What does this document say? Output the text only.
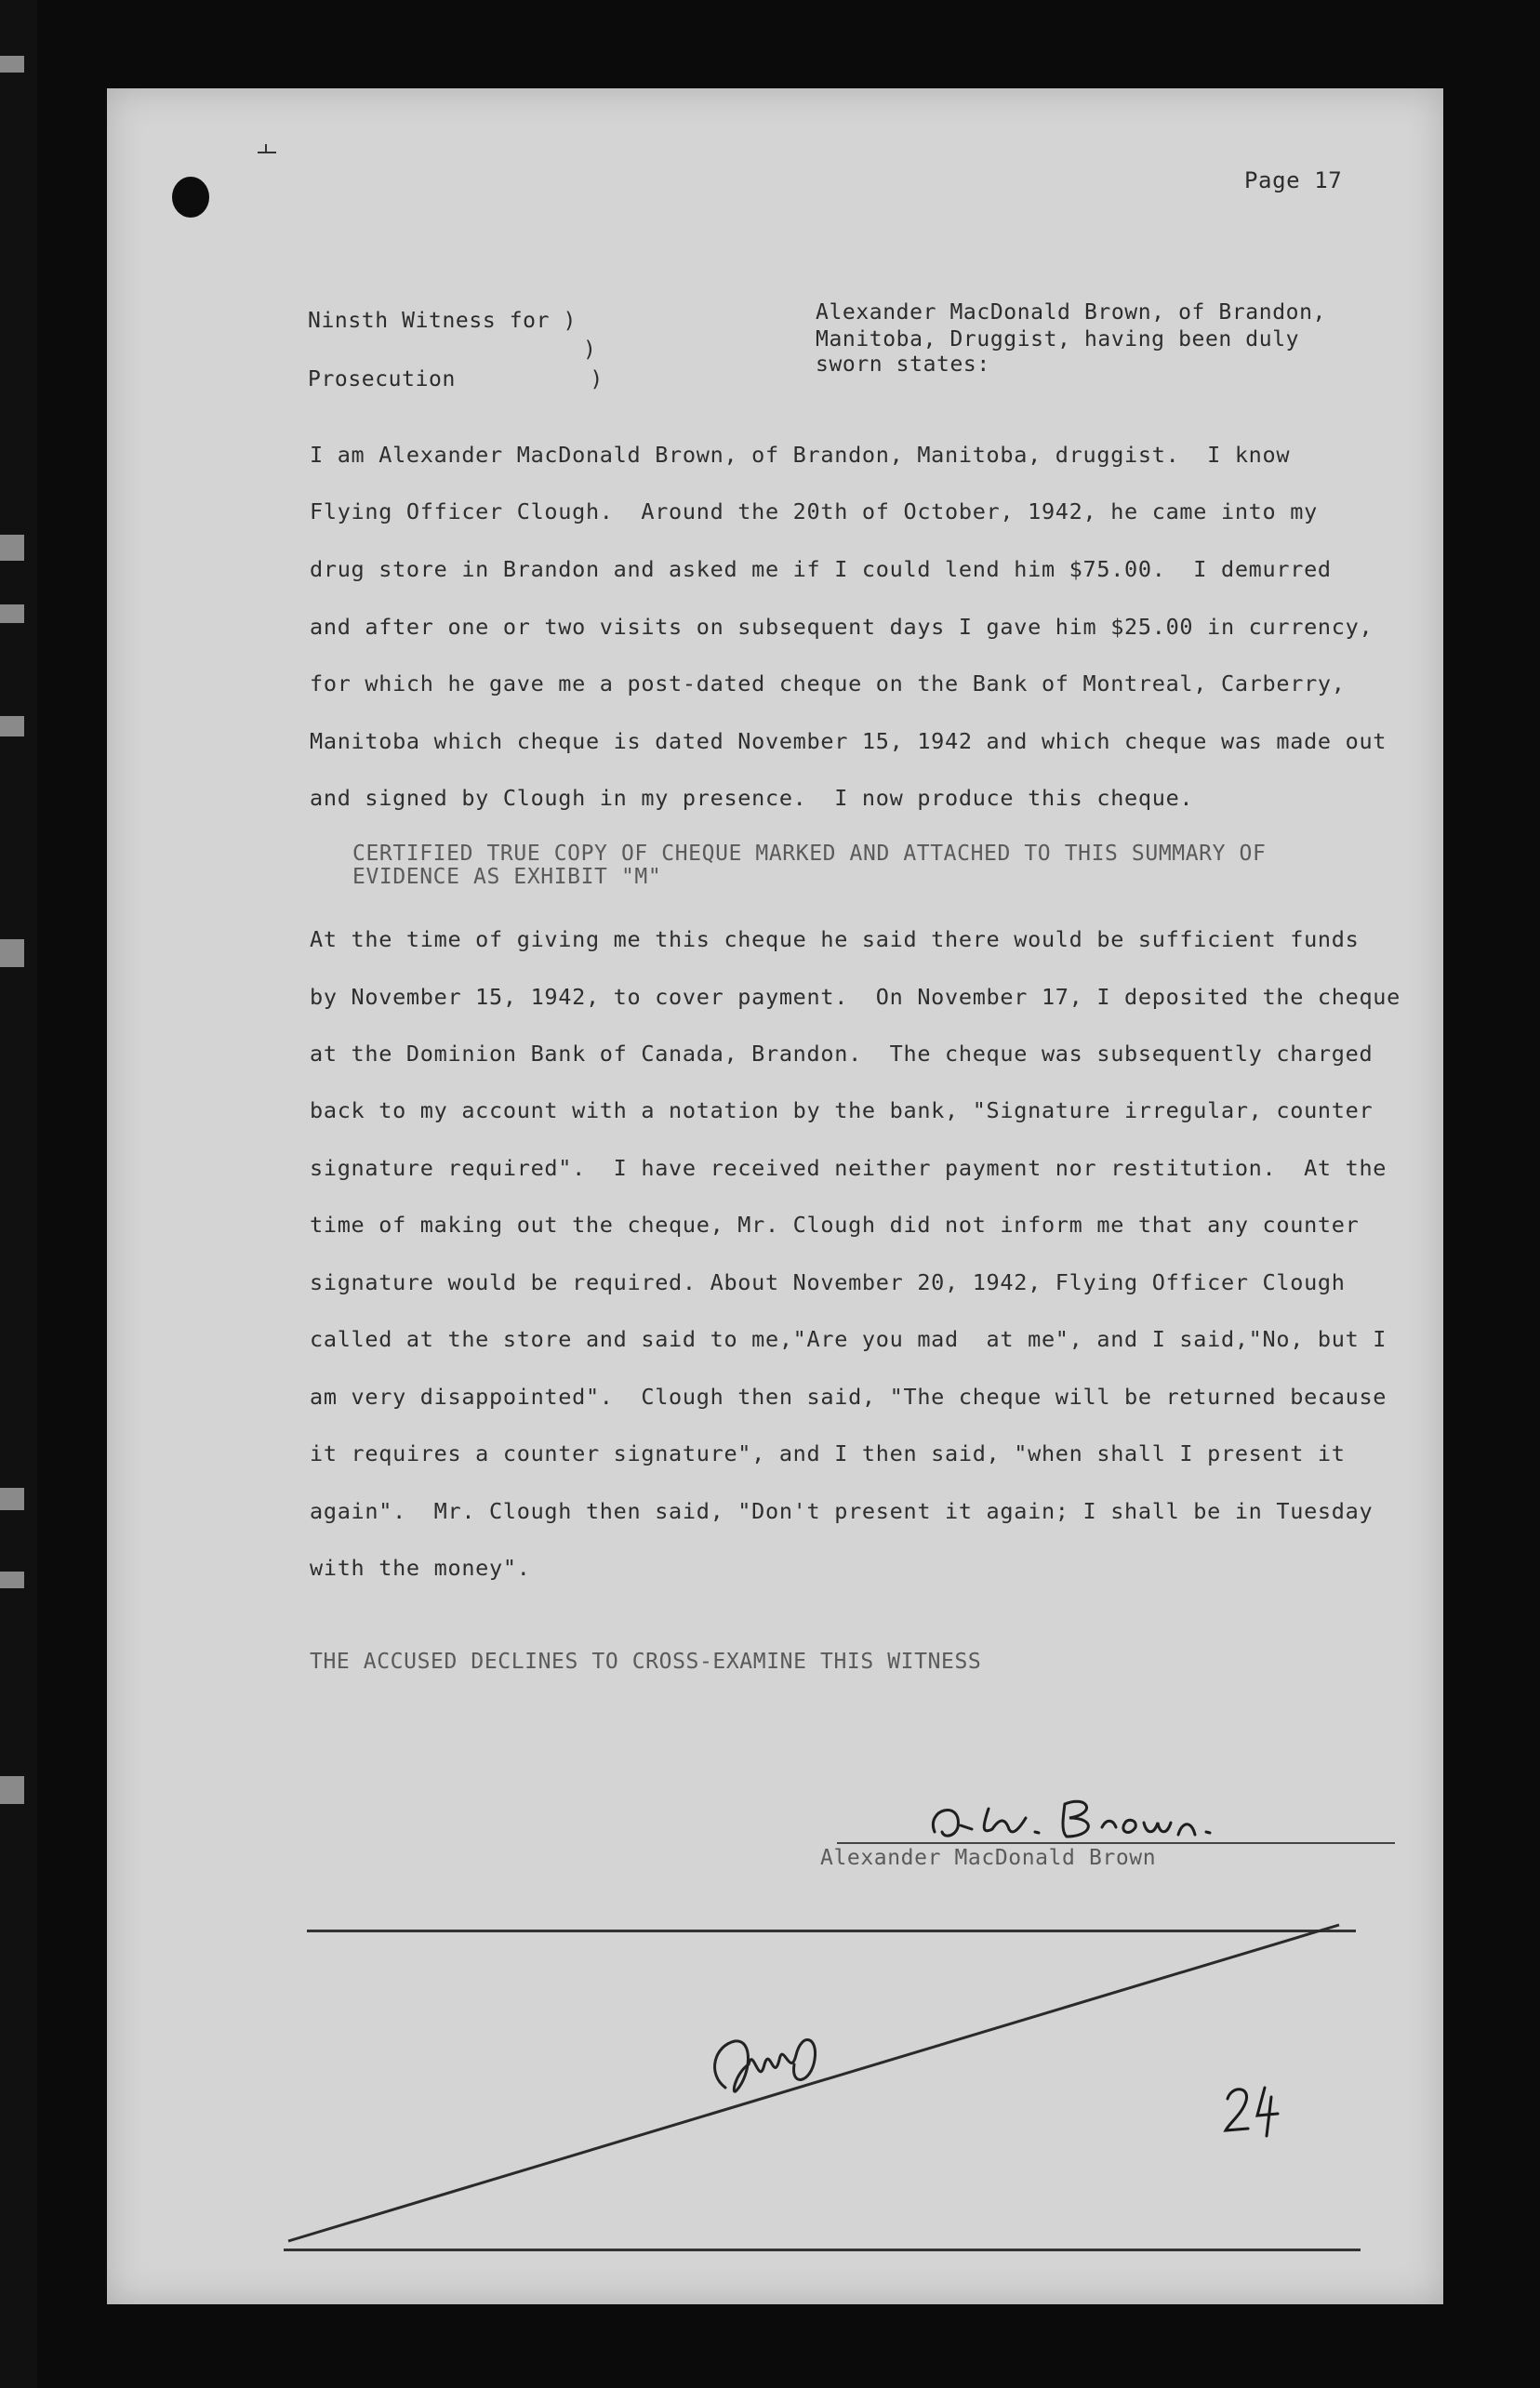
Page 17
Ninsth Witness for )
)
Prosecution          )
Alexander MacDonald Brown, of Brandon,
Manitoba, Druggist, having been duly
sworn states:
I am Alexander MacDonald Brown, of Brandon, Manitoba, druggist.  I know
Flying Officer Clough.  Around the 20th of October, 1942, he came into my
drug store in Brandon and asked me if I could lend him $75.00.  I demurred
and after one or two visits on subsequent days I gave him $25.00 in currency,
for which he gave me a post-dated cheque on the Bank of Montreal, Carberry,
Manitoba which cheque is dated November 15, 1942 and which cheque was made out
and signed by Clough in my presence.  I now produce this cheque.
CERTIFIED TRUE COPY OF CHEQUE MARKED AND ATTACHED TO THIS SUMMARY OF
EVIDENCE AS EXHIBIT "M"
At the time of giving me this cheque he said there would be sufficient funds
by November 15, 1942, to cover payment.  On November 17, I deposited the cheque
at the Dominion Bank of Canada, Brandon.  The cheque was subsequently charged
back to my account with a notation by the bank, "Signature irregular, counter
signature required".  I have received neither payment nor restitution.  At the
time of making out the cheque, Mr. Clough did not inform me that any counter
signature would be required. About November 20, 1942, Flying Officer Clough
called at the store and said to me,"Are you mad  at me", and I said,"No, but I
am very disappointed".  Clough then said, "The cheque will be returned because
it requires a counter signature", and I then said, "when shall I present it
again".  Mr. Clough then said, "Don't present it again; I shall be in Tuesday
with the money".
THE ACCUSED DECLINES TO CROSS-EXAMINE THIS WITNESS
Alexander MacDonald Brown
